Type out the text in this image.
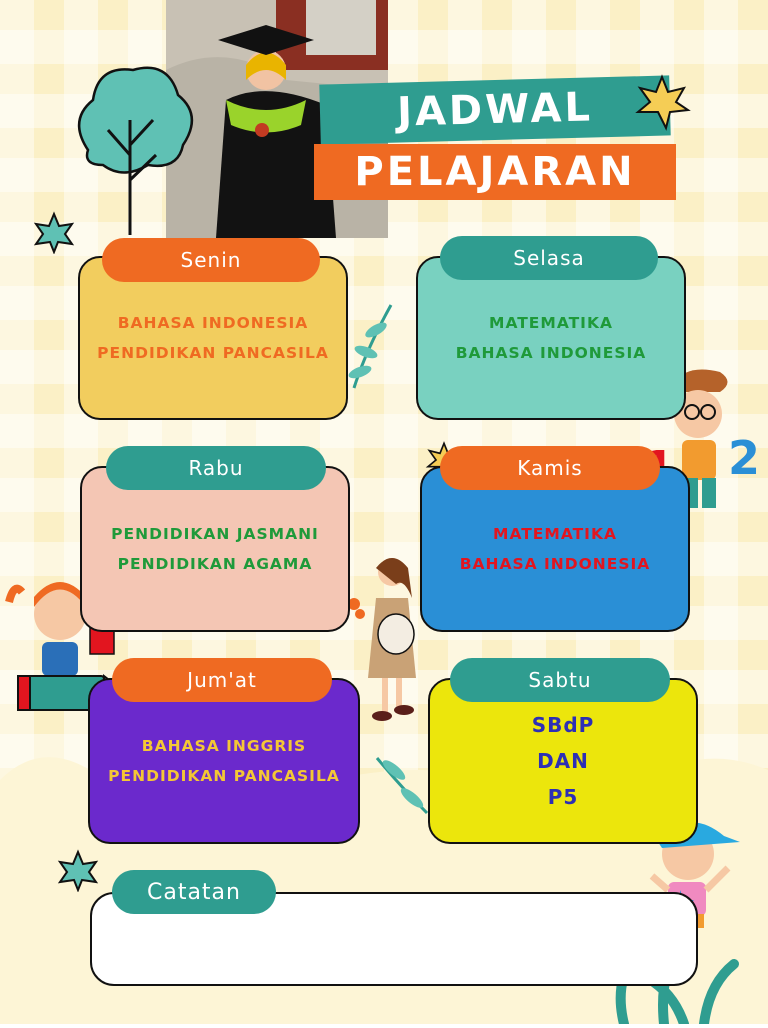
JADWAL
PELAJARAN
2
BAHASA INDONESIA
PENDIDIKAN PANCASILA
Senin
MATEMATIKA
BAHASA INDONESIA
Selasa
PENDIDIKAN JASMANI
PENDIDIKAN AGAMA
Rabu
MATEMATIKA
BAHASA INDONESIA
Kamis
BAHASA INGGRIS
PENDIDIKAN PANCASILA
Jum'at
SBdP
DAN
P5
Sabtu
Catatan
